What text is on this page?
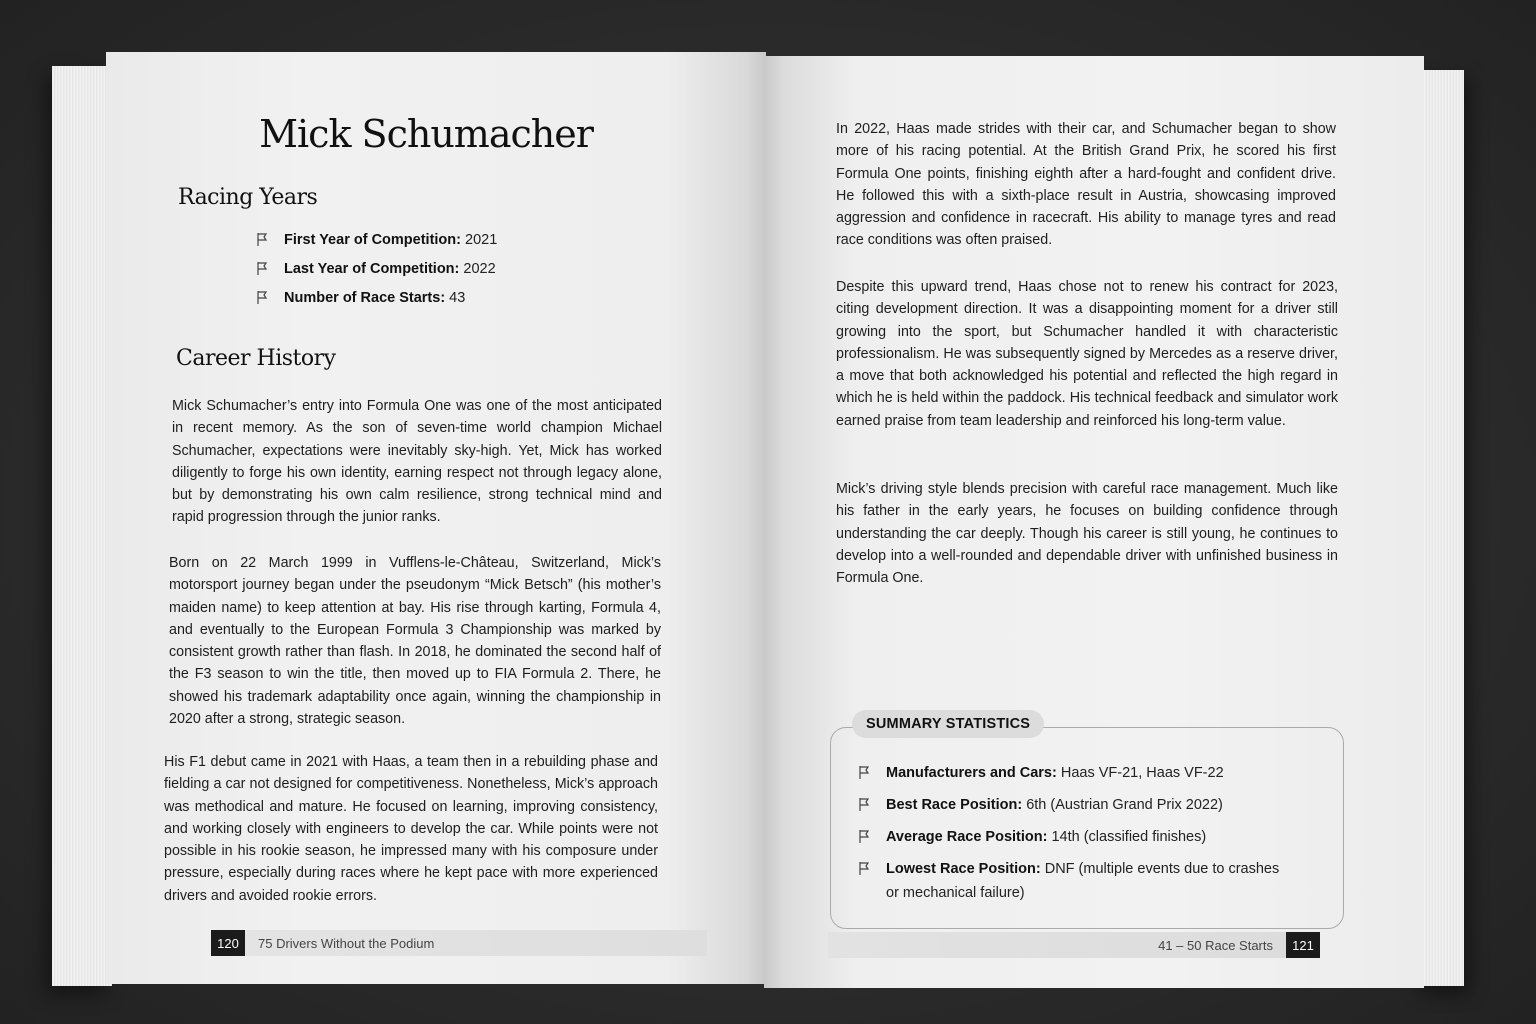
Mick Schumacher
Racing Years
First Year of Competition: 2021
Last Year of Competition: 2022
Number of Race Starts: 43
Career History

Mick Schumacher’s entry into Formula One was one of the most anticipated in recent memory. As the son of seven-time world champion Michael Schumacher, expectations were inevitably sky-high. Yet, Mick has worked diligently to forge his own identity, earning respect not through legacy alone, but by demonstrating his own calm resilience, strong technical mind and rapid progression through the junior ranks.

Born on 22 March 1999 in Vufflens-le-Château, Switzerland, Mick’s motorsport journey began under the pseudonym “Mick Betsch” (his mother’s maiden name) to keep attention at bay. His rise through karting, Formula 4, and eventually to the European Formula 3 Championship was marked by consistent growth rather than flash. In 2018, he dominated the second half of the F3 season to win the title, then moved up to FIA Formula 2. There, he showed his trademark adaptability once again, winning the championship in 2020 after a strong, strategic season.

His F1 debut came in 2021 with Haas, a team then in a rebuilding phase and fielding a car not designed for competitiveness. Nonetheless, Mick’s approach was methodical and mature. He focused on learning, improving consistency, and working closely with engineers to develop the car. While points were not possible in his rookie season, he impressed many with his composure under pressure, especially during races where he kept pace with more experienced drivers and avoided rookie errors.

120	75 Drivers Without the Podium

In 2022, Haas made strides with their car, and Schumacher began to show more of his racing potential. At the British Grand Prix, he scored his first Formula One points, finishing eighth after a hard-fought and confident drive. He followed this with a sixth-place result in Austria, showcasing improved aggression and confidence in racecraft. His ability to manage tyres and read race conditions was often praised.

Despite this upward trend, Haas chose not to renew his contract for 2023, citing development direction. It was a disappointing moment for a driver still growing into the sport, but Schumacher handled it with characteristic professionalism. He was subsequently signed by Mercedes as a reserve driver, a move that both acknowledged his potential and reflected the high regard in which he is held within the paddock. His technical feedback and simulator work earned praise from team leadership and reinforced his long-term value.

Mick’s driving style blends precision with careful race management. Much like his father in the early years, he focuses on building confidence through understanding the car deeply. Though his career is still young, he continues to develop into a well-rounded and dependable driver with unfinished business in Formula One.

SUMMARY STATISTICS
Manufacturers and Cars: Haas VF-21, Haas VF-22
Best Race Position: 6th (Austrian Grand Prix 2022)
Average Race Position: 14th (classified finishes)
Lowest Race Position: DNF (multiple events due to crashes or mechanical failure)
41 – 50 Race Starts	121
